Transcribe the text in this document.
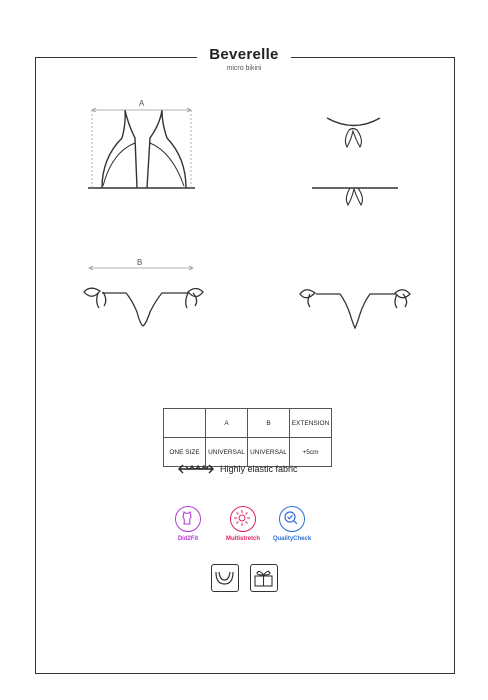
Beverelle
micro bikini
A
B
	A	B	EXTENSION
ONE SIZE	UNIVERSAL	UNIVERSAL	+5cm
Highly elastic fabric
Did2Fit	Multistretch	QualityCheck
